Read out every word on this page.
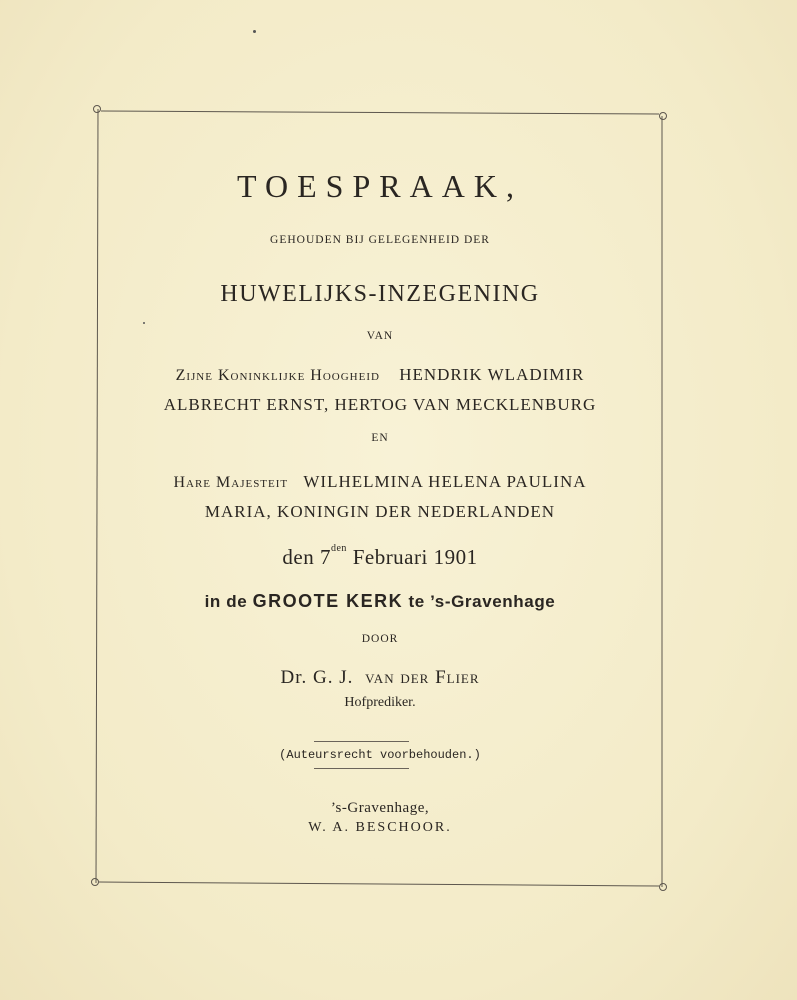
TOESPRAAK,
GEHOUDEN BIJ GELEGENHEID DER
HUWELIJKS-INZEGENING
VAN
Zijne Koninklijke Hoogheid HENDRIK WLADIMIR
ALBRECHT ERNST, HERTOG VAN MECKLENBURG
EN
Hare Majesteit WILHELMINA HELENA PAULINA
MARIA, KONINGIN DER NEDERLANDEN
den $7^{den}$ Februari 1901
in de GROOTE KERK te ’s-Gravenhage
DOOR
Dr. G. J. van der Flier
Hofprediker.
(Auteursrecht voorbehouden.)
’s-Gravenhage,
W. A. BESCHOOR.
